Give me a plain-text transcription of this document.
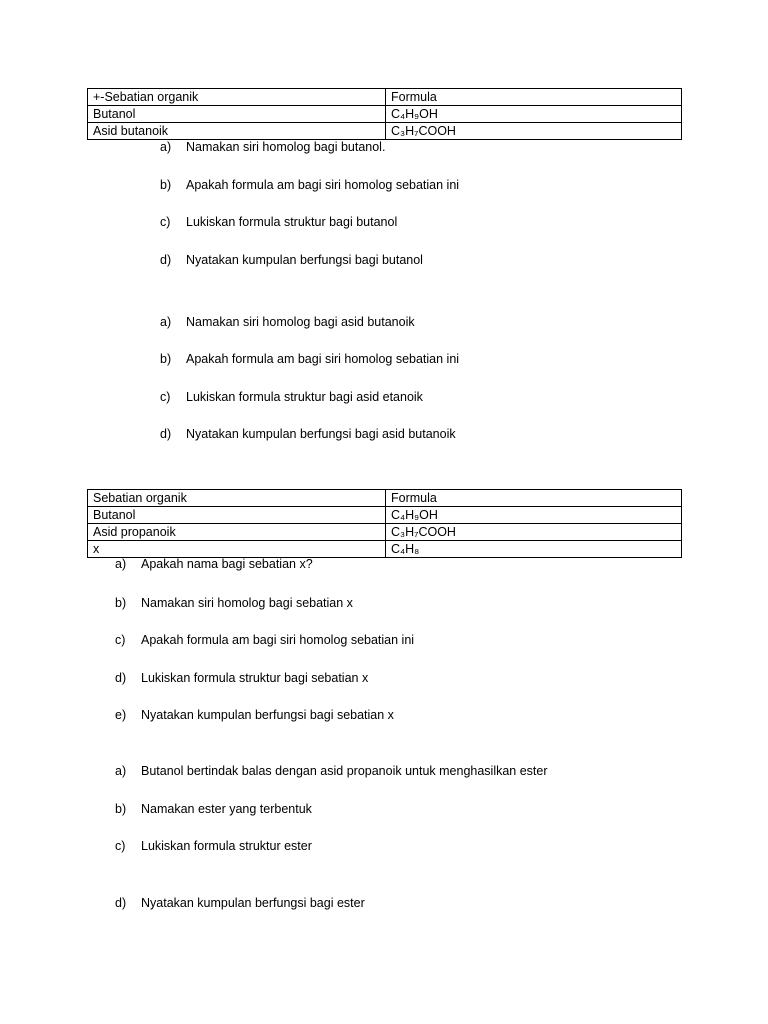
+-Sebatian organik	Formula
Butanol	C₄H₉OH
Asid butanoik	C₃H₇COOH
a) Namakan siri homolog bagi butanol.
b) Apakah formula am bagi siri homolog sebatian ini
c) Lukiskan formula struktur bagi butanol
d) Nyatakan kumpulan berfungsi bagi butanol
a) Namakan siri homolog bagi asid butanoik
b) Apakah formula am bagi siri homolog sebatian ini
c) Lukiskan formula struktur bagi asid etanoik
d) Nyatakan kumpulan berfungsi bagi asid butanoik
Sebatian organik	Formula
Butanol	C₄H₉OH
Asid propanoik	C₃H₇COOH
x	C₄H₈
a) Apakah nama bagi sebatian x?
b) Namakan siri homolog bagi sebatian x
c) Apakah formula am bagi siri homolog sebatian ini
d) Lukiskan formula struktur bagi sebatian x
e) Nyatakan kumpulan berfungsi bagi sebatian x
a) Butanol bertindak balas dengan asid propanoik untuk menghasilkan ester
b) Namakan ester yang terbentuk
c) Lukiskan formula struktur ester
d) Nyatakan kumpulan berfungsi bagi ester
